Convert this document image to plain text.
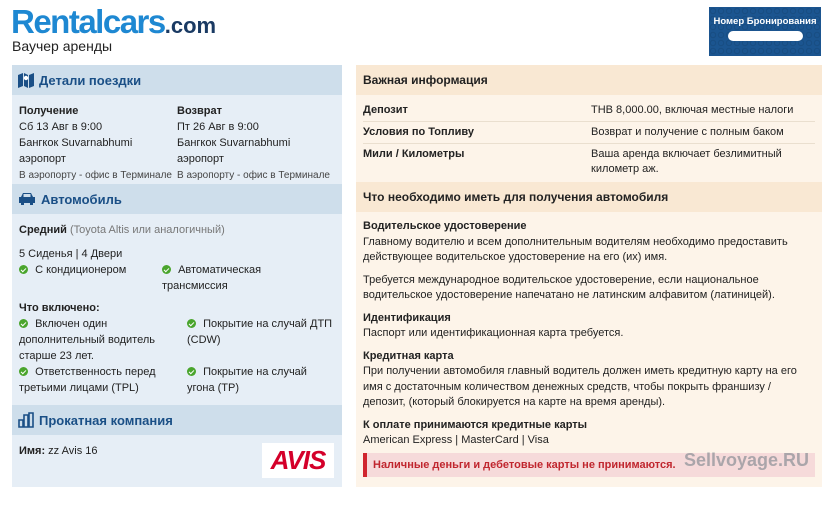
Rentalcars.com
Ваучер аренды
Номер Бронирования
Детали поездки
Получение
Сб 13 Авг в 9:00

Бангкок Suvarnabhumi аэропорт
В аэропорту - офис в Терминале
Возврат
Пт 26 Авг в 9:00

Бангкок Suvarnabhumi аэропорт
В аэропорту - офис в Терминале
Автомобиль
Средний (Toyota Altis или аналогичный)
5 Сиденья | 4 Двери
С кондиционером	Автоматическая трансмиссия
Что включено:
Включен один дополнительный водитель старше 23 лет.
Покрытие на случай ДТП (CDW)
Ответственность перед третьими лицами (TPL)
Покрытие на случай угона (TP)
Прокатная компания
Имя: zz Avis 16	AVIS
Важная информация
Депозит	THB 8,000.00, включая местные налоги
Условия по Топливу	Возврат и получение с полным баком
Мили / Километры	Ваша аренда включает безлимитный километр аж.
Что необходимо иметь для получения автомобиля

Водительское удостоверение
Главному водителю и всем дополнительным водителям необходимо предоставить действующее водительское удостоверение на его (их) имя.

Требуется международное водительское удостоверение, если национальное водительское удостоверение напечатано не латинским алфавитом (латиницей).

Идентификация
Паспорт или идентификационная карта требуется.

Кредитная карта
При получении автомобиля главный водитель должен иметь кредитную карту на его имя с достаточным количеством денежных средств, чтобы покрыть франшизу / депозит, (который блокируется на карте на время аренды).

К оплате принимаются кредитные карты
American Express | MasterCard | Visa

Наличные деньги и дебетовые карты не принимаются. Sellvoyage.RU
